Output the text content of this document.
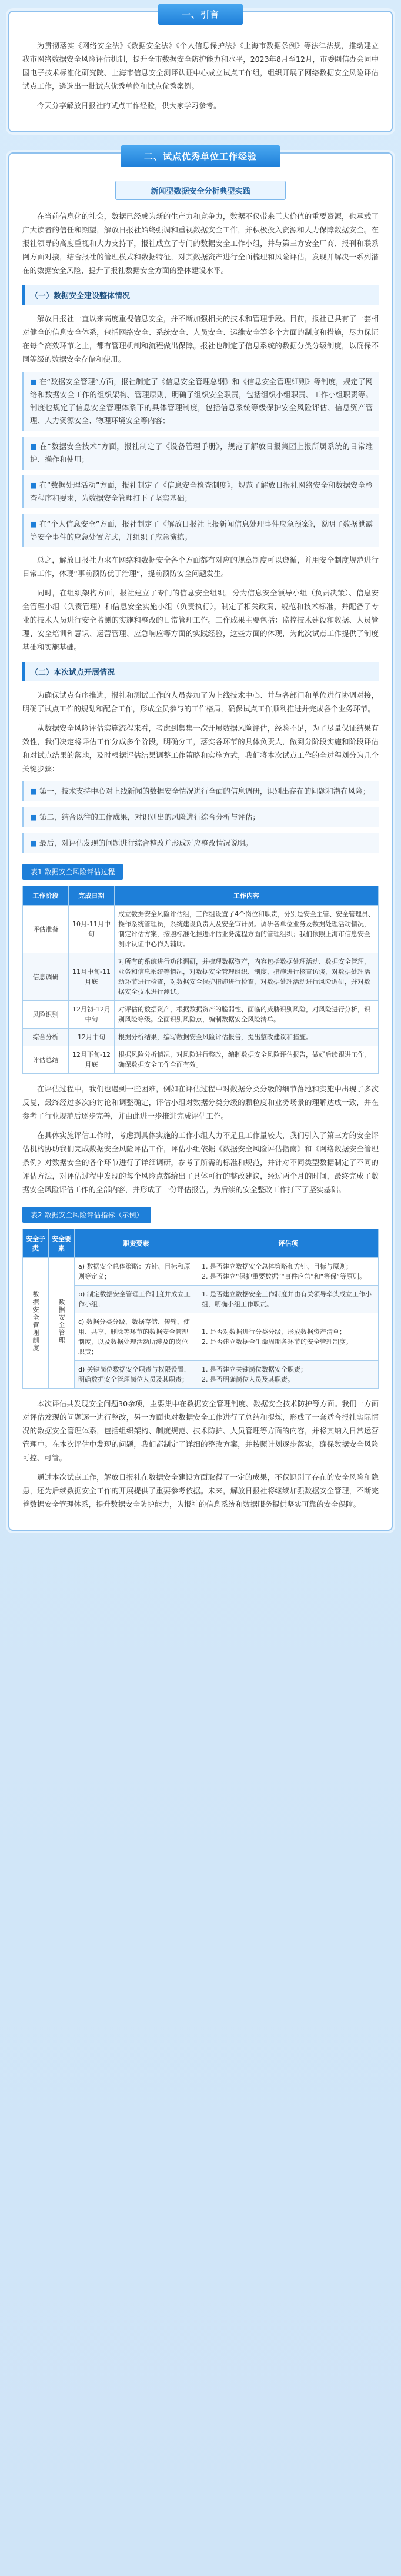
一、引言

为贯彻落实《网络安全法》《数据安全法》《个人信息保护法》《上海市数据条例》等法律法规，推动建立我市网络数据安全风险评估机制，提升全市数据安全防护能力和水平，2023年8月至12月，市委网信办会同中国电子技术标准化研究院、上海市信息安全测评认证中心成立试点工作组，组织开展了网络数据安全风险评估试点工作，遴选出一批试点优秀单位和试点优秀案例。

今天分享解放日报社的试点工作经验，供大家学习参考。

二、试点优秀单位工作经验
新闻型数据安全分析典型实践

在当前信息化的社会，数据已经成为新的生产力和竞争力，数据不仅带来巨大价值的重要资源，也承载了广大读者的信任和期望，解放日报社始终强调和重视数据安全工作，并积极投入资源和人力保障数据安全。在报社领导的高度重视和大力支持下，报社成立了专门的数据安全工作小组，并与第三方安全厂商、报刊和联系网方面对接，结合报社的管理模式和数据特征，对其数据资产进行全面梳理和风险评估，发现并解决一系列潜在的数据安全风险，提升了报社数据安全方面的整体建设水平。

（一）数据安全建设整体情况

解放日报社一直以来高度重视信息安全，并不断加强相关的技术和管理手段。目前，报社已具有了一套相对健全的信息安全体系，包括网络安全、系统安全、人员安全、运维安全等多个方面的制度和措施，尽力保证在每个高效环节之上，都有管理机制和流程做出保障。报社也制定了信息系统的数据分类分级制度，以确保不同等级的数据安全存储和使用。

■ 在“数据安全管理”方面，报社制定了《信息安全管理总纲》和《信息安全管理细则》等制度，规定了网络和数据安全工作的组织架构、管理原则，明确了组织安全职责，包括组织小组职责、工作小组职责等。制度也规定了信息安全管理体系下的具体管理制度，包括信息系统等级保护安全风险评估、信息资产管理、人力资源安全、物理环境安全等内容；

■ 在“数据安全技术”方面，报社制定了《设备管理手册》，规范了解放日报集团上报所属系统的日常维护、操作和使用；

■ 在“数据处理活动”方面，报社制定了《信息安全检查制度》，规范了解放日报社网络安全和数据安全检查程序和要求，为数据安全管理打下了坚实基础；

■ 在“个人信息安全”方面，报社制定了《解放日报社上报新闻信息处理事件应急预案》，说明了数据泄露等安全事件的应急处置方式，并组织了应急演练。

总之，解放日报社力求在网络和数据安全各个方面都有对应的规章制度可以遵循，并用安全制度规范进行日常工作，体现“事前预防优于治理”，提前预防安全问题发生。

同时，在组织架构方面，报社建立了专门的信息安全组织，分为信息安全领导小组（负责决策）、信息安全管理小组（负责管理）和信息安全实施小组（负责执行），制定了相关政策、规范和技术标准，并配备了专业的技术人员进行安全监测的实施和整改的日常管理工作。工作成果主要包括：监控技术建设和数据、人员管理、安全培训和意识、运营管理、应急响应等方面的实践经验，这些方面的体现，为此次试点工作提供了制度基础和实施基础。

（二）本次试点开展情况

为确保试点有序推进，报社和测试工作的人员参加了为上线技术中心、并与各部门和单位进行协调对接，明确了试点工作的规划和配合工作，形成全员参与的工作格局，确保试点工作顺利推进并完成各个业务环节。

从数据安全风险评估实施流程来看，考虑到集集一次开展数据风险评估，经验不足，为了尽量保证结果有效性，我们决定将评估工作分成多个阶段，明确分工，落实各环节的具体负责人，做到分阶段实施和阶段评估和对试点结果的落地，及时根据评估结果调整工作策略和实施方式，我们将本次试点工作的全过程划分为几个关键步骤：

■ 第一，技术支持中心对上线新闻的数据安全情况进行全面的信息调研，识别出存在的问题和潜在风险；

■ 第二，结合以往的工作成果，对识别出的风险进行综合分析与评估；

■ 最后，对评估发现的问题进行综合整改并形成对应整改情况说明。

表1 数据安全风险评估过程
工作阶段	完成日期	工作内容
评估准备	10月-11月中旬	成立数据安全风险评估组，工作组设置了4个岗位和职责，分别是安全主管、安全管理员、操作系统管理员，系统建设负责人及安全审计员。调研各单位业务及数据处理活动情况，制定评估方案，按照标准化推进评估业务流程方面的管理组织；我们依照上海市信息安全测评认证中心作为辅助。
信息调研	11月中旬-11月底	对所有的系统进行功能调研，并梳理数据资产，内容包括数据处理活动、数据安全管理，业务和信息系统等情况，对数据安全管理组织、制度、措施进行核查访谈，对数据处理活动环节进行检查，对数据安全保护措施进行检查，对数据处理活动进行风险调研，并对数据安全技术进行测试。
风险识别	12月初-12月中旬	对评估的数据资产，根据数据资产的脆弱性、面临的威胁识别风险，对风险进行分析，识别风险等级。全面识别风险点，编制数据安全风险清单。
综合分析	12月中旬	根据分析结果，编写数据安全风险评估报告，提出整改建议和措施。
评估总结	12月下旬-12月底	根据风险分析情况，对风险进行整改，编制数据安全风险评估报告，做好后续跟进工作，确保数据安全工作全面有效。

在评估过程中，我们也遇到一些困难，例如在评估过程中对数据分类分级的细节落地和实施中出现了多次反复，最终经过多次的讨论和调整确定，评估小组对数据分类分级的颗粒度和业务场景的理解达成一致，并在参考了行业规范后逐步完善，并由此进一步推进完成评估工作。

在具体实施评估工作时，考虑到具体实施的工作小组人力不足且工作量较大，我们引入了第三方的安全评估机构协助我们完成数据安全风险评估工作，评估小组依据《数据安全风险评估指南》和《网络数据安全管理条例》对数据安全的各个环节进行了详细调研，参考了所需的标准和规范，并针对不同类型数据制定了不同的评估方法，对评估过程中发现的每个风险点都给出了具体可行的整改建议，经过两个月的时间，最终完成了数据安全风险评估工作的全部内容，并形成了一份评估报告，为后续的安全整改工作打下了坚实基础。

表2 数据安全风险评估指标（示例）
安全子类	安全要素	职责要素	评估项
数据安全管理制度	数据安全管理	a) 数据安全总体策略：方针、目标和原则等定义；	1. 是否建立数据安全总体策略和方针、目标与原则；
2. 是否建立“保护重要数据”“事件应急”和“等保”等原则。
		b) 制定数据安全管理工作制度并成立工作小组；	1. 是否建立数据安全工作制度并由有关领导牵头成立工作小组，明确小组工作职责。
		c) 数据分类分级、数据存储、传输、使用、共享、删除等环节的数据安全管理制度，以及数据处理活动所涉及的岗位职责；	1. 是否对数据进行分类分级，形成数据资产清单；
2. 是否建立数据全生命周期各环节的安全管理制度。
		d) 关键岗位数据安全职责与权限设置，明确数据安全管理岗位人员及其职责；	1. 是否建立关键岗位数据安全职责；
2. 是否明确岗位人员及其职责。

本次评估共发现安全问题30余项，主要集中在数据安全管理制度、数据安全技术防护等方面。我们一方面对评估发现的问题逐一进行整改，另一方面也对数据安全工作进行了总结和提炼，形成了一套适合报社实际情况的数据安全管理体系，包括组织架构、制度规范、技术防护、人员管理等方面的内容，并将其纳入日常运营管理中。在本次评估中发现的问题，我们都制定了详细的整改方案，并按照计划逐步落实，确保数据安全风险可控、可管。

通过本次试点工作，解放日报社在数据安全建设方面取得了一定的成果，不仅识别了存在的安全风险和隐患，还为后续数据安全工作的开展提供了重要参考依据。未来，解放日报社将继续加强数据安全管理，不断完善数据安全管理体系，提升数据安全防护能力，为报社的信息系统和数据服务提供坚实可靠的安全保障。
